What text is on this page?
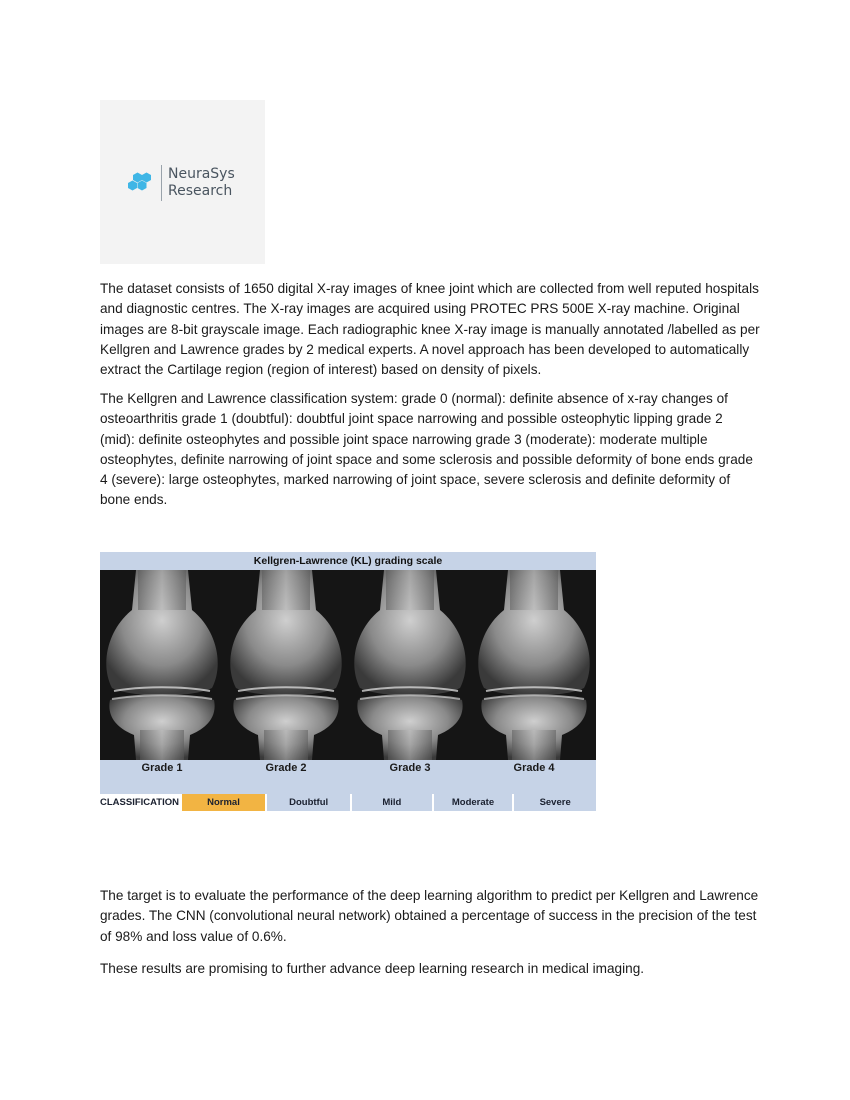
NeuraSys
Research

The dataset consists of 1650 digital X-ray images of knee joint which are collected from well reputed hospitals and diagnostic centres. The X-ray images are acquired using PROTEC PRS 500E X-ray machine. Original images are 8-bit grayscale image. Each radiographic knee X-ray image is manually annotated /labelled as per Kellgren and Lawrence grades by 2 medical experts. A novel approach has been developed to automatically extract the Cartilage region (region of interest) based on density of pixels.

The Kellgren and Lawrence classification system: grade 0 (normal): definite absence of x-ray changes of osteoarthritis grade 1 (doubtful): doubtful joint space narrowing and possible osteophytic lipping grade 2 (mid): definite osteophytes and possible joint space narrowing grade 3 (moderate): moderate multiple osteophytes, definite narrowing of joint space and some sclerosis and possible deformity of bone ends grade 4 (severe): large osteophytes, marked narrowing of joint space, severe sclerosis and definite deformity of bone ends.

Kellgren-Lawrence (KL) grading scale
Grade 1	Grade 2	Grade 3	Grade 4
CLASSIFICATION	Normal	Doubtful	Mild	Moderate	Severe

The target is to evaluate the performance of the deep learning algorithm to predict per Kellgren and Lawrence grades. The CNN (convolutional neural network) obtained a percentage of success in the precision of the test of 98% and loss value of 0.6%.

These results are promising to further advance deep learning research in medical imaging.
